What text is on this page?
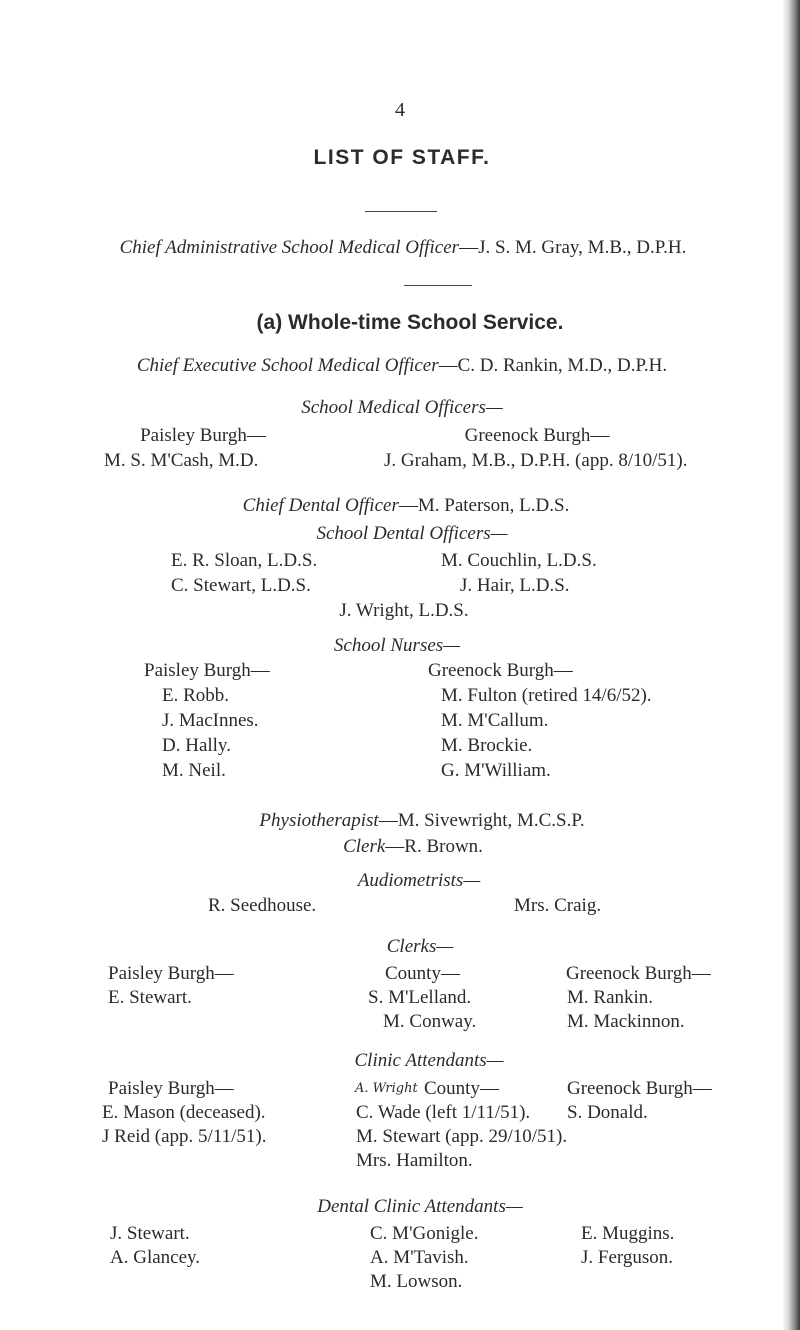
4
LIST OF STAFF.
Chief Administrative School Medical Officer—J. S. M. Gray, M.B., D.P.H.
(a) Whole-time School Service.
Chief Executive School Medical Officer—C. D. Rankin, M.D., D.P.H.
School Medical Officers—
Paisley Burgh—
M. S. M'Cash, M.D.
Greenock Burgh—
J. Graham, M.B., D.P.H. (app. 8/10/51).
Chief Dental Officer—M. Paterson, L.D.S.
School Dental Officers—
E. R. Sloan, L.D.S.
C. Stewart, L.D.S.
M. Couchlin, L.D.S.
J. Hair, L.D.S.
J. Wright, L.D.S.
School Nurses—
Paisley Burgh—
E. Robb.
J. MacInnes.
D. Hally.
M. Neil.
Greenock Burgh—
M. Fulton (retired 14/6/52).
M. M'Callum.
M. Brockie.
G. M'William.
Physiotherapist—M. Sivewright, M.C.S.P.
Clerk—R. Brown.
Audiometrists—
R. Seedhouse.	Mrs. Craig.
Clerks—
Paisley Burgh—
E. Stewart.
County—
S. M'Lelland.
M. Conway.
Greenock Burgh—
M. Rankin.
M. Mackinnon.
Clinic Attendants—
Paisley Burgh—
E. Mason (deceased).
J Reid (app. 5/11/51).
A. Wright County—
C. Wade (left 1/11/51).
M. Stewart (app. 29/10/51).
Mrs. Hamilton.
Greenock Burgh—
S. Donald.
Dental Clinic Attendants—
J. Stewart.
A. Glancey.
C. M'Gonigle.
A. M'Tavish.
M. Lowson.
E. Muggins.
J. Ferguson.
